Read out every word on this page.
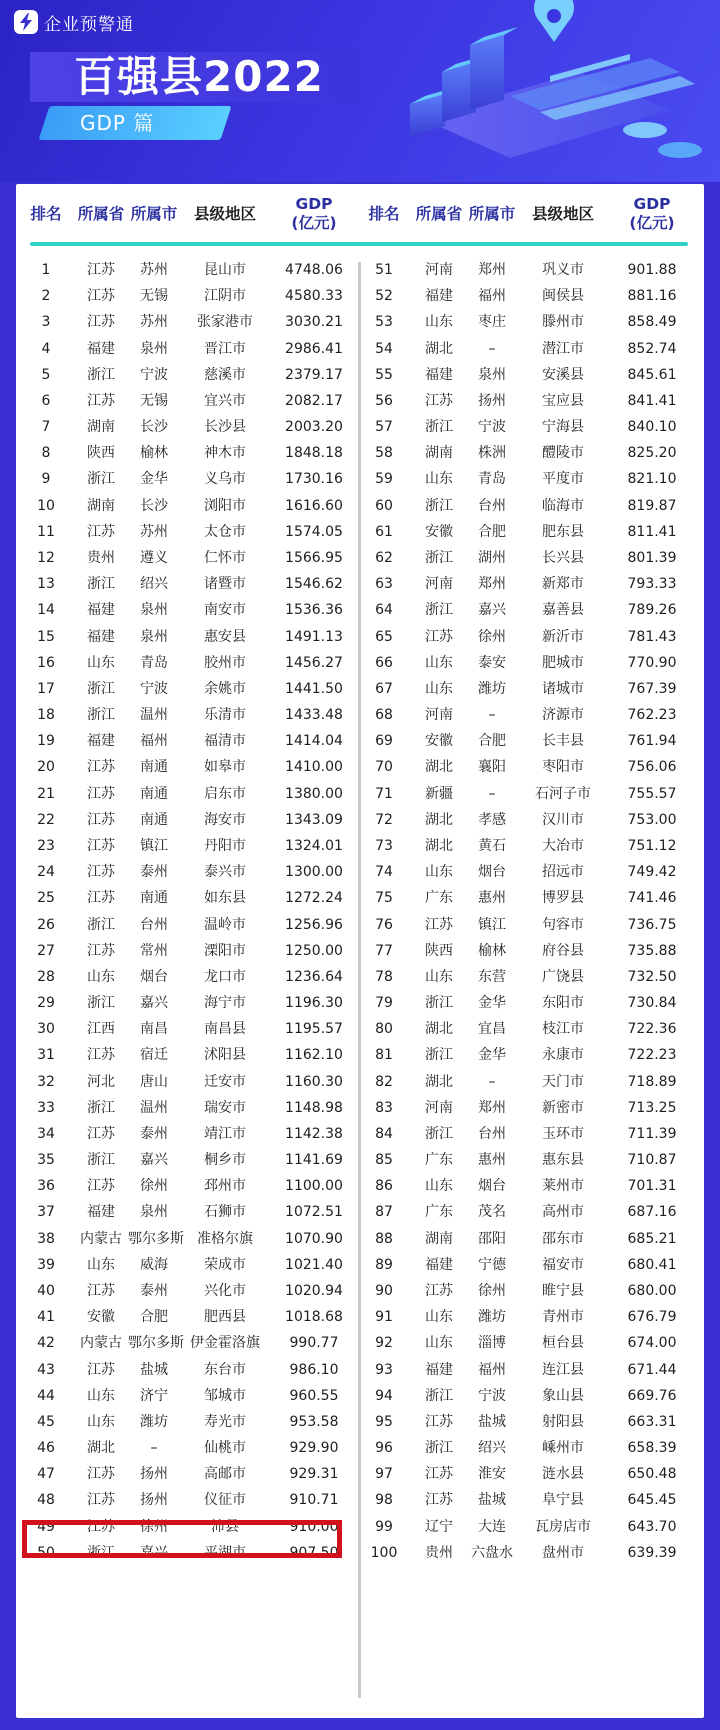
企业预警通
百强县2022
GDP 篇
排名	所属省 所属市	县级地区
GDP
(亿元)
1	江苏	苏州	昆山市	4748.06
2	江苏	无锡	江阴市	4580.33
3	江苏	苏州	张家港市	3030.21
4	福建	泉州	晋江市	2986.41
5	浙江	宁波	慈溪市	2379.17
6	江苏	无锡	宜兴市	2082.17
7	湖南	长沙	长沙县	2003.20
8	陕西	榆林	神木市	1848.18
9	浙江	金华	义乌市	1730.16
10	湖南	长沙	浏阳市	1616.60
11	江苏	苏州	太仓市	1574.05
12	贵州	遵义	仁怀市	1566.95
13	浙江	绍兴	诸暨市	1546.62
14	福建	泉州	南安市	1536.36
15	福建	泉州	惠安县	1491.13
16	山东	青岛	胶州市	1456.27
17	浙江	宁波	余姚市	1441.50
18	浙江	温州	乐清市	1433.48
19	福建	福州	福清市	1414.04
20	江苏	南通	如皋市	1410.00
21	江苏	南通	启东市	1380.00
22	江苏	南通	海安市	1343.09
23	江苏	镇江	丹阳市	1324.01
24	江苏	泰州	泰兴市	1300.00
25	江苏	南通	如东县	1272.24
26	浙江	台州	温岭市	1256.96
27	江苏	常州	溧阳市	1250.00
28	山东	烟台	龙口市	1236.64
29	浙江	嘉兴	海宁市	1196.30
30	江西	南昌	南昌县	1195.57
31	江苏	宿迁	沭阳县	1162.10
32	河北	唐山	迁安市	1160.30
33	浙江	温州	瑞安市	1148.98
34	江苏	泰州	靖江市	1142.38
35	浙江	嘉兴	桐乡市	1141.69
36	江苏	徐州	邳州市	1100.00
37	福建	泉州	石狮市	1072.51
38	内蒙古 鄂尔多斯 准格尔旗	1070.90
39	山东	威海	荣成市	1021.40
40	江苏	泰州	兴化市	1020.94
41	安徽	合肥	肥西县	1018.68
42	内蒙古 鄂尔多斯 伊金霍洛旗	990.77
43	江苏	盐城	东台市	986.10
44	山东	济宁	邹城市	960.55
45	山东	潍坊	寿光市	953.58
46	湖北	–	仙桃市	929.90
47	江苏	扬州	高邮市	929.31
48	江苏	扬州	仪征市	910.71
49	江苏	徐州	沛县	910.00
50	浙江	嘉兴	平湖市	907.50
排名	所属省 所属市	县级地区
GDP
(亿元)
51	河南	郑州	巩义市	901.88
52	福建	福州	闽侯县	881.16
53	山东	枣庄	滕州市	858.49
54	湖北	–	潜江市	852.74
55	福建	泉州	安溪县	845.61
56	江苏	扬州	宝应县	841.41
57	浙江	宁波	宁海县	840.10
58	湖南	株洲	醴陵市	825.20
59	山东	青岛	平度市	821.10
60	浙江	台州	临海市	819.87
61	安徽	合肥	肥东县	811.41
62	浙江	湖州	长兴县	801.39
63	河南	郑州	新郑市	793.33
64	浙江	嘉兴	嘉善县	789.26
65	江苏	徐州	新沂市	781.43
66	山东	泰安	肥城市	770.90
67	山东	潍坊	诸城市	767.39
68	河南	–	济源市	762.23
69	安徽	合肥	长丰县	761.94
70	湖北	襄阳	枣阳市	756.06
71	新疆	–	石河子市	755.57
72	湖北	孝感	汉川市	753.00
73	湖北	黄石	大冶市	751.12
74	山东	烟台	招远市	749.42
75	广东	惠州	博罗县	741.46
76	江苏	镇江	句容市	736.75
77	陕西	榆林	府谷县	735.88
78	山东	东营	广饶县	732.50
79	浙江	金华	东阳市	730.84
80	湖北	宜昌	枝江市	722.36
81	浙江	金华	永康市	722.23
82	湖北	–	天门市	718.89
83	河南	郑州	新密市	713.25
84	浙江	台州	玉环市	711.39
85	广东	惠州	惠东县	710.87
86	山东	烟台	莱州市	701.31
87	广东	茂名	高州市	687.16
88	湖南	邵阳	邵东市	685.21
89	福建	宁德	福安市	680.41
90	江苏	徐州	睢宁县	680.00
91	山东	潍坊	青州市	676.79
92	山东	淄博	桓台县	674.00
93	福建	福州	连江县	671.44
94	浙江	宁波	象山县	669.76
95	江苏	盐城	射阳县	663.31
96	浙江	绍兴	嵊州市	658.39
97	江苏	淮安	涟水县	650.48
98	江苏	盐城	阜宁县	645.45
99	辽宁	大连	瓦房店市	643.70
100	贵州	六盘水	盘州市	639.39
